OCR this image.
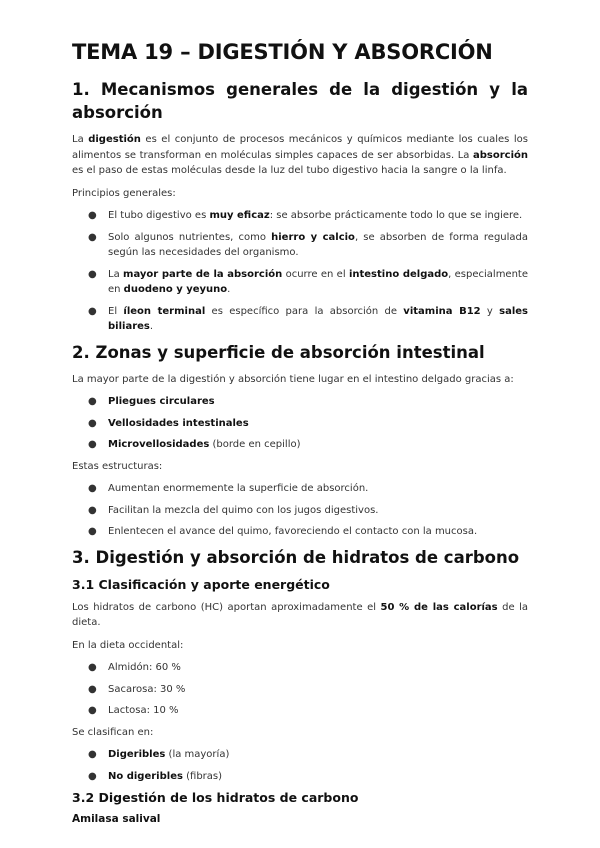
TEMA 19 – DIGESTIÓN Y ABSORCIÓN
1. Mecanismos generales de la digestión y la absorción

La digestión es el conjunto de procesos mecánicos y químicos mediante los cuales los alimentos se transforman en moléculas simples capaces de ser absorbidas. La absorción es el paso de estas moléculas desde la luz del tubo digestivo hacia la sangre o la linfa.

Principios generales:

● El tubo digestivo es muy eficaz: se absorbe prácticamente todo lo que se ingiere.
● Solo algunos nutrientes, como hierro y calcio, se absorben de forma regulada según las necesidades del organismo.
● La mayor parte de la absorción ocurre en el intestino delgado, especialmente en duodeno y yeyuno.
● El íleon terminal es específico para la absorción de vitamina B12 y sales biliares.
2. Zonas y superficie de absorción intestinal

La mayor parte de la digestión y absorción tiene lugar en el intestino delgado gracias a:

● Pliegues circulares
● Vellosidades intestinales
● Microvellosidades (borde en cepillo)

Estas estructuras:

● Aumentan enormemente la superficie de absorción.
● Facilitan la mezcla del quimo con los jugos digestivos.
● Enlentecen el avance del quimo, favoreciendo el contacto con la mucosa.
3. Digestión y absorción de hidratos de carbono
3.1 Clasificación y aporte energético

Los hidratos de carbono (HC) aportan aproximadamente el 50 % de las calorías de la dieta.

En la dieta occidental:

● Almidón: 60 %
● Sacarosa: 30 %
● Lactosa: 10 %

Se clasifican en:

● Digeribles (la mayoría)
● No digeribles (fibras)
3.2 Digestión de los hidratos de carbono
Amilasa salival
